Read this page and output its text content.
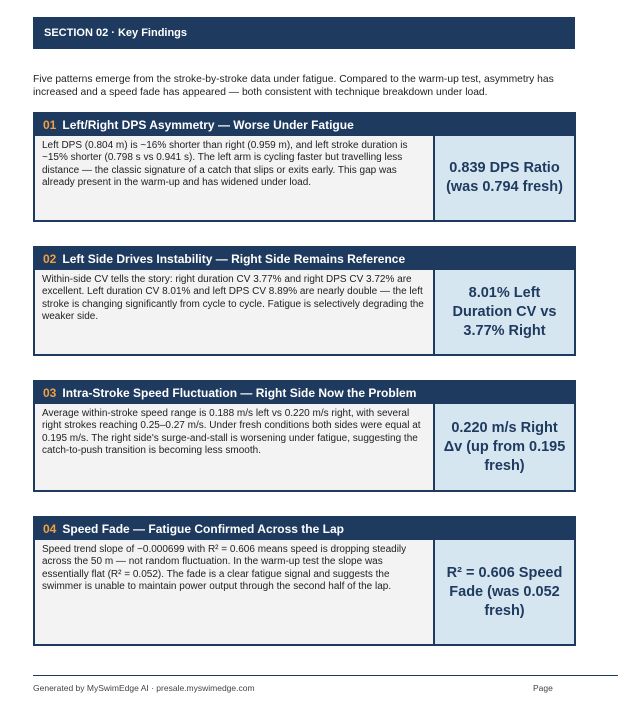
SECTION 02 · Key Findings

Five patterns emerge from the stroke-by-stroke data under fatigue. Compared to the warm-up test, asymmetry has increased and a speed fade has appeared — both consistent with technique breakdown under load.

01 Left/Right DPS Asymmetry — Worse Under Fatigue
Left DPS (0.804 m) is ~16% shorter than right (0.959 m), and left stroke duration is ~15% shorter (0.798 s vs 0.941 s). The left arm is cycling faster but travelling less distance — the classic signature of a catch that slips or exits early. This gap was already present in the warm-up and has widened under load.
0.839 DPS Ratio (was 0.794 fresh)
02 Left Side Drives Instability — Right Side Remains Reference
Within-side CV tells the story: right duration CV 3.77% and right DPS CV 3.72% are excellent. Left duration CV 8.01% and left DPS CV 8.89% are nearly double — the left stroke is changing significantly from cycle to cycle. Fatigue is selectively degrading the weaker side.
8.01% Left Duration CV vs 3.77% Right
03 Intra-Stroke Speed Fluctuation — Right Side Now the Problem
Average within-stroke speed range is 0.188 m/s left vs 0.220 m/s right, with several right strokes reaching 0.25–0.27 m/s. Under fresh conditions both sides were equal at 0.195 m/s. The right side's surge-and-stall is worsening under fatigue, suggesting the catch-to-push transition is becoming less smooth.
0.220 m/s Right Δv (up from 0.195 fresh)
04 Speed Fade — Fatigue Confirmed Across the Lap
Speed trend slope of −0.000699 with R² = 0.606 means speed is dropping steadily across the 50 m — not random fluctuation. In the warm-up test the slope was essentially flat (R² = 0.052). The fade is a clear fatigue signal and suggests the swimmer is unable to maintain power output through the second half of the lap.
R² = 0.606 Speed Fade (was 0.052 fresh)
Generated by MySwimEdge AI · presale.myswimedge.com	Page
